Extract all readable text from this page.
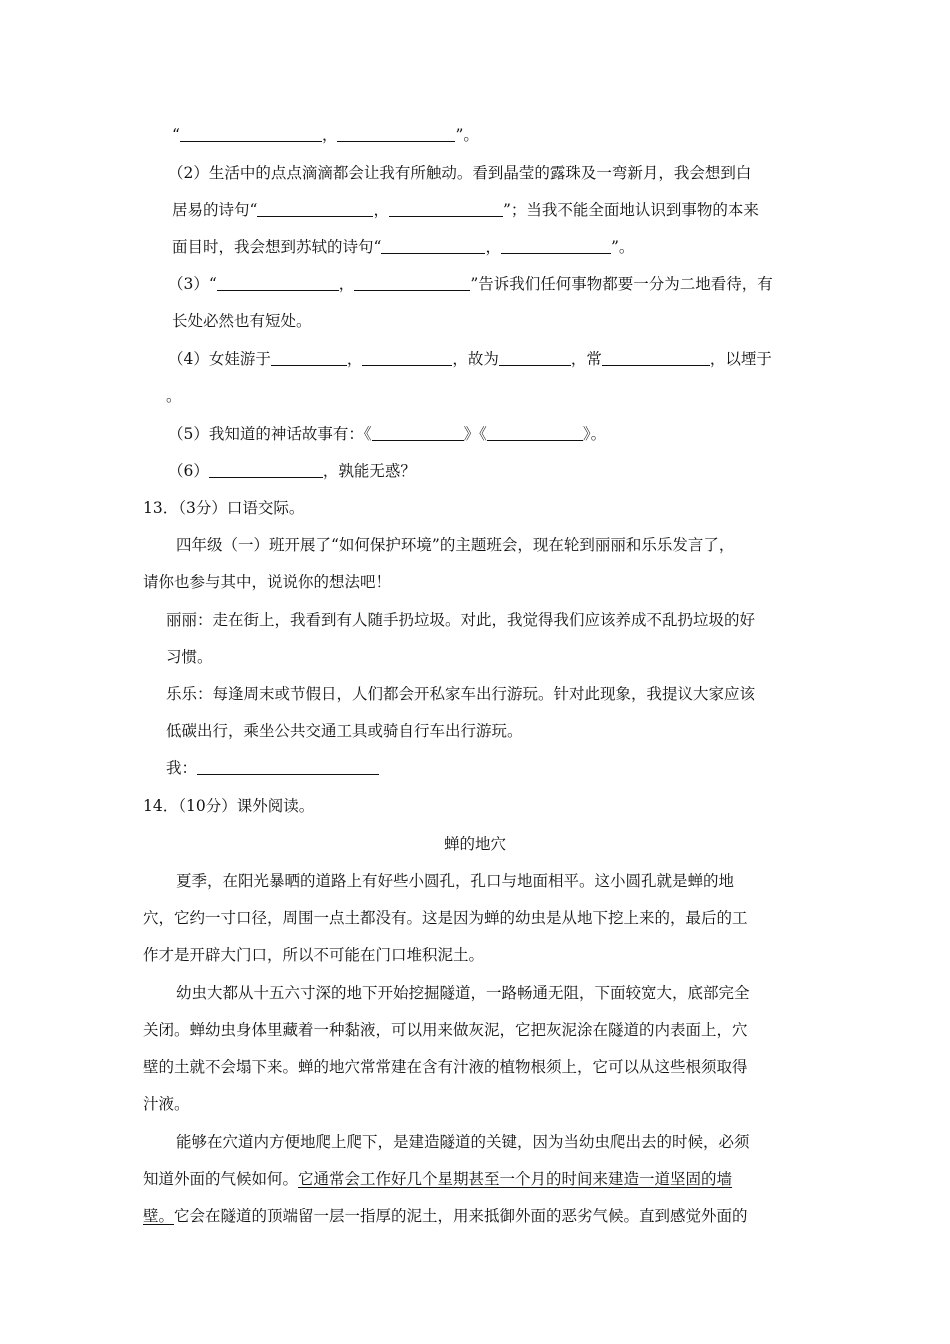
“	，	”。
（2）生活中的点点滴滴都会让我有所触动。看到晶莹的露珠及一弯新月，我会想到白
居易的诗句“	，	”；当我不能全面地认识到事物的本来
面目时，我会想到苏轼的诗句“	，	”。
（3）“	，	”告诉我们任何事物都要一分为二地看待，有
长处必然也有短处。
（4）女娃游于	，	，故为	，常	，以堙于
。
（5）我知道的神话故事有：《	》《	》。
（6）	，孰能无惑？
13．（3分）口语交际。
四年级（一）班开展了“如何保护环境”的主题班会，现在轮到丽丽和乐乐发言了，
请你也参与其中，说说你的想法吧！
丽丽：走在街上，我看到有人随手扔垃圾。对此，我觉得我们应该养成不乱扔垃圾的好
习惯。
乐乐：每逢周末或节假日，人们都会开私家车出行游玩。针对此现象，我提议大家应该
低碳出行，乘坐公共交通工具或骑自行车出行游玩。
我：
14．（10分）课外阅读。
蝉的地穴
夏季，在阳光暴晒的道路上有好些小圆孔，孔口与地面相平。这小圆孔就是蝉的地
穴，它约一寸口径，周围一点土都没有。这是因为蝉的幼虫是从地下挖上来的，最后的工
作才是开辟大门口，所以不可能在门口堆积泥土。
幼虫大都从十五六寸深的地下开始挖掘隧道，一路畅通无阻，下面较宽大，底部完全
关闭。蝉幼虫身体里藏着一种黏液，可以用来做灰泥，它把灰泥涂在隧道的内表面上，穴
壁的土就不会塌下来。蝉的地穴常常建在含有汁液的植物根须上，它可以从这些根须取得
汁液。
能够在穴道内方便地爬上爬下，是建造隧道的关键，因为当幼虫爬出去的时候，必须
知道外面的气候如何。它通常会工作好几个星期甚至一个月的时间来建造一道坚固的墙
壁。它会在隧道的顶端留一层一指厚的泥土，用来抵御外面的恶劣气候。直到感觉外面的
